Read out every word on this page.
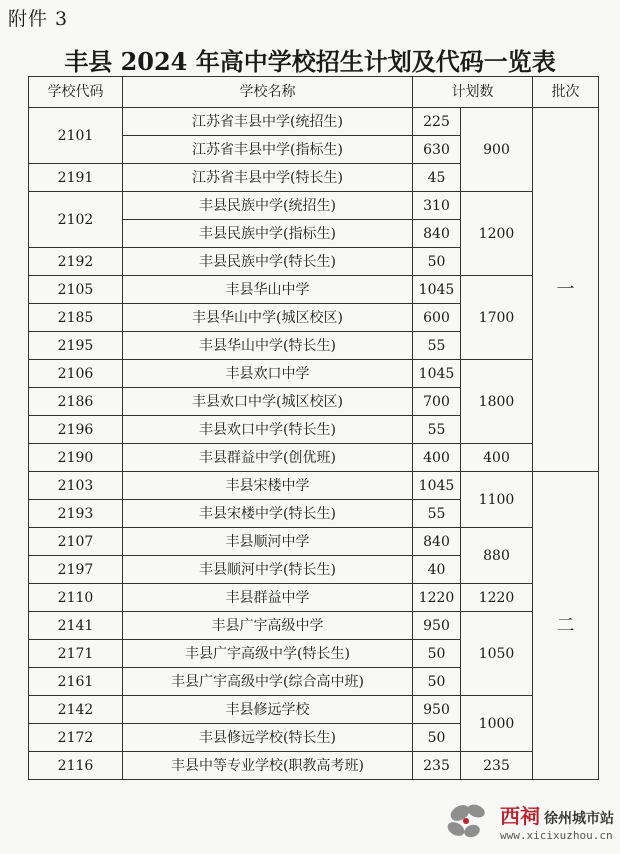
附件 3
丰县 2024 年高中学校招生计划及代码一览表
学校代码	学校名称	计划数		批次
2101	江苏省丰县中学(统招生)	225	900	一
	江苏省丰县中学(指标生)	630		
2191	江苏省丰县中学(特长生)	45		
2102	丰县民族中学(统招生)	310	1200	
	丰县民族中学(指标生)	840		
2192	丰县民族中学(特长生)	50		
2105	丰县华山中学	1045	1700	
2185	丰县华山中学(城区校区)	600		
2195	丰县华山中学(特长生)	55		
2106	丰县欢口中学	1045	1800	
2186	丰县欢口中学(城区校区)	700		
2196	丰县欢口中学(特长生)	55		
2190	丰县群益中学(创优班)	400	400	
2103	丰县宋楼中学	1045	1100	二
2193	丰县宋楼中学(特长生)	55		
2107	丰县顺河中学	840	880	
2197	丰县顺河中学(特长生)	40		
2110	丰县群益中学	1220	1220	
2141	丰县广宇高级中学	950	1050	
2171	丰县广宇高级中学(特长生)	50		
2161	丰县广宇高级中学(综合高中班)	50		
2142	丰县修远学校	950	1000	
2172	丰县修远学校(特长生)	50		
2116	丰县中等专业学校(职教高考班)	235	235	
西祠 徐州城市站
www.xicixuzhou.cn
